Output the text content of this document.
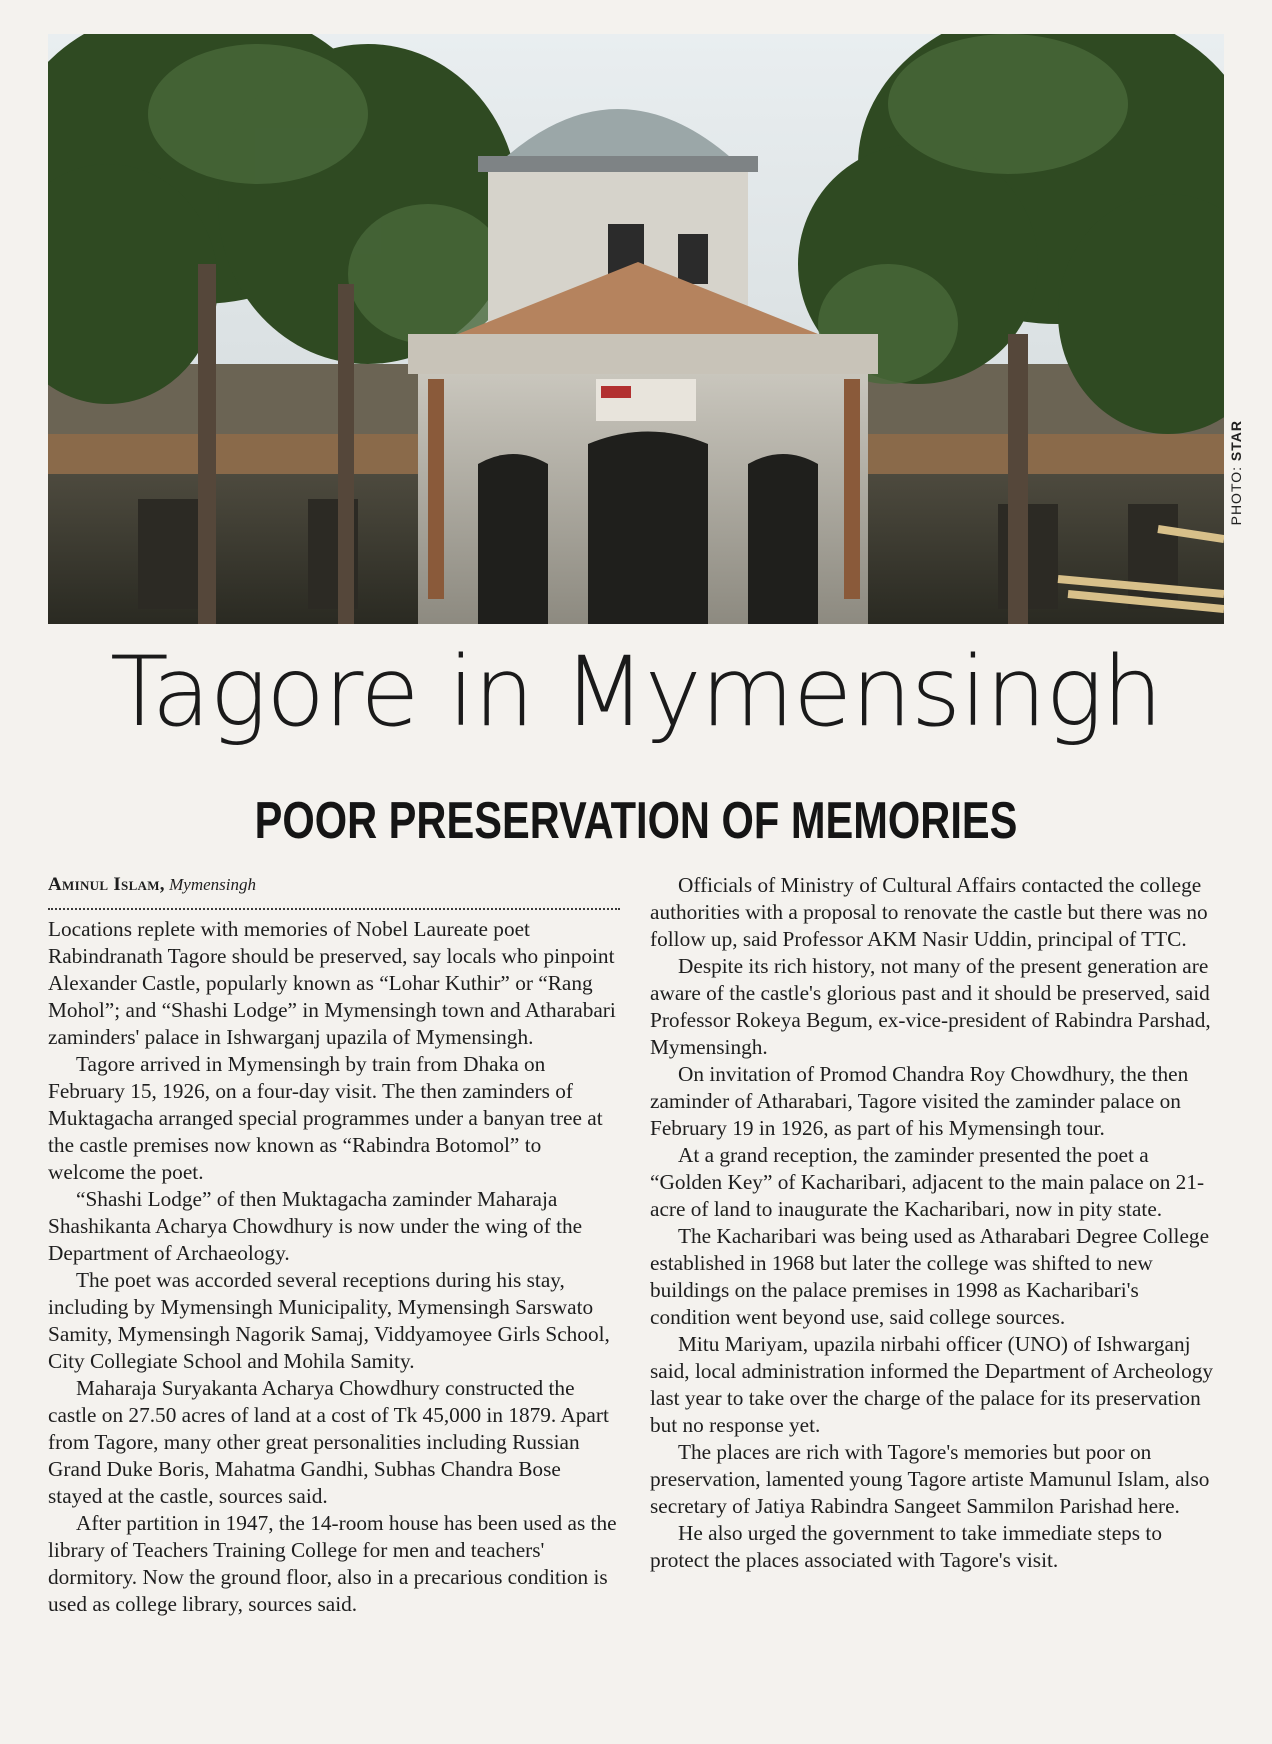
PHOTO: STAR
Tagore in Mymensingh
POOR PRESERVATION OF MEMORIES
Aminul Islam, Mymensingh

Locations replete with memories of Nobel Laureate poet Rabindranath Tagore should be preserved, say locals who pinpoint Alexander Castle, popularly known as “Lohar Kuthir” or “Rang Mohol”; and “Shashi Lodge” in Mymensingh town and Atharabari zaminders' palace in Ishwarganj upazila of Mymensingh.

Tagore arrived in Mymensingh by train from Dhaka on February 15, 1926, on a four-day visit. The then zaminders of Muktagacha arranged special programmes under a banyan tree at the castle premises now known as “Rabindra Botomol” to welcome the poet.

“Shashi Lodge” of then Muktagacha zaminder Maharaja Shashikanta Acharya Chowdhury is now under the wing of the Department of Archaeology.

The poet was accorded several receptions during his stay, including by Mymensingh Municipality, Mymensingh Sarswato Samity, Mymensingh Nagorik Samaj, Viddyamoyee Girls School, City Collegiate School and Mohila Samity.

Maharaja Suryakanta Acharya Chowdhury constructed the castle on 27.50 acres of land at a cost of Tk 45,000 in 1879. Apart from Tagore, many other great personalities including Russian Grand Duke Boris, Mahatma Gandhi, Subhas Chandra Bose stayed at the castle, sources said.

After partition in 1947, the 14-room house has been used as the library of Teachers Training College for men and teachers' dormitory. Now the ground floor, also in a precarious condition is used as college library, sources said.

Officials of Ministry of Cultural Affairs contacted the college authorities with a proposal to renovate the castle but there was no follow up, said Professor AKM Nasir Uddin, principal of TTC.

Despite its rich history, not many of the present generation are aware of the castle's glorious past and it should be preserved, said Professor Rokeya Begum, ex-vice-president of Rabindra Parshad, Mymensingh.

On invitation of Promod Chandra Roy Chowdhury, the then zaminder of Atharabari, Tagore visited the zaminder palace on February 19 in 1926, as part of his Mymensingh tour.

At a grand reception, the zaminder presented the poet a “Golden Key” of Kacharibari, adjacent to the main palace on 21-acre of land to inaugurate the Kacharibari, now in pity state.

The Kacharibari was being used as Atharabari Degree College established in 1968 but later the college was shifted to new buildings on the palace premises in 1998 as Kacharibari's condition went beyond use, said college sources.

Mitu Mariyam, upazila nirbahi officer (UNO) of Ishwarganj said, local administration informed the Department of Archeology last year to take over the charge of the palace for its preservation but no response yet.

The places are rich with Tagore's memories but poor on preservation, lamented young Tagore artiste Mamunul Islam, also secretary of Jatiya Rabindra Sangeet Sammilon Parishad here.

He also urged the government to take immediate steps to protect the places associated with Tagore's visit.
